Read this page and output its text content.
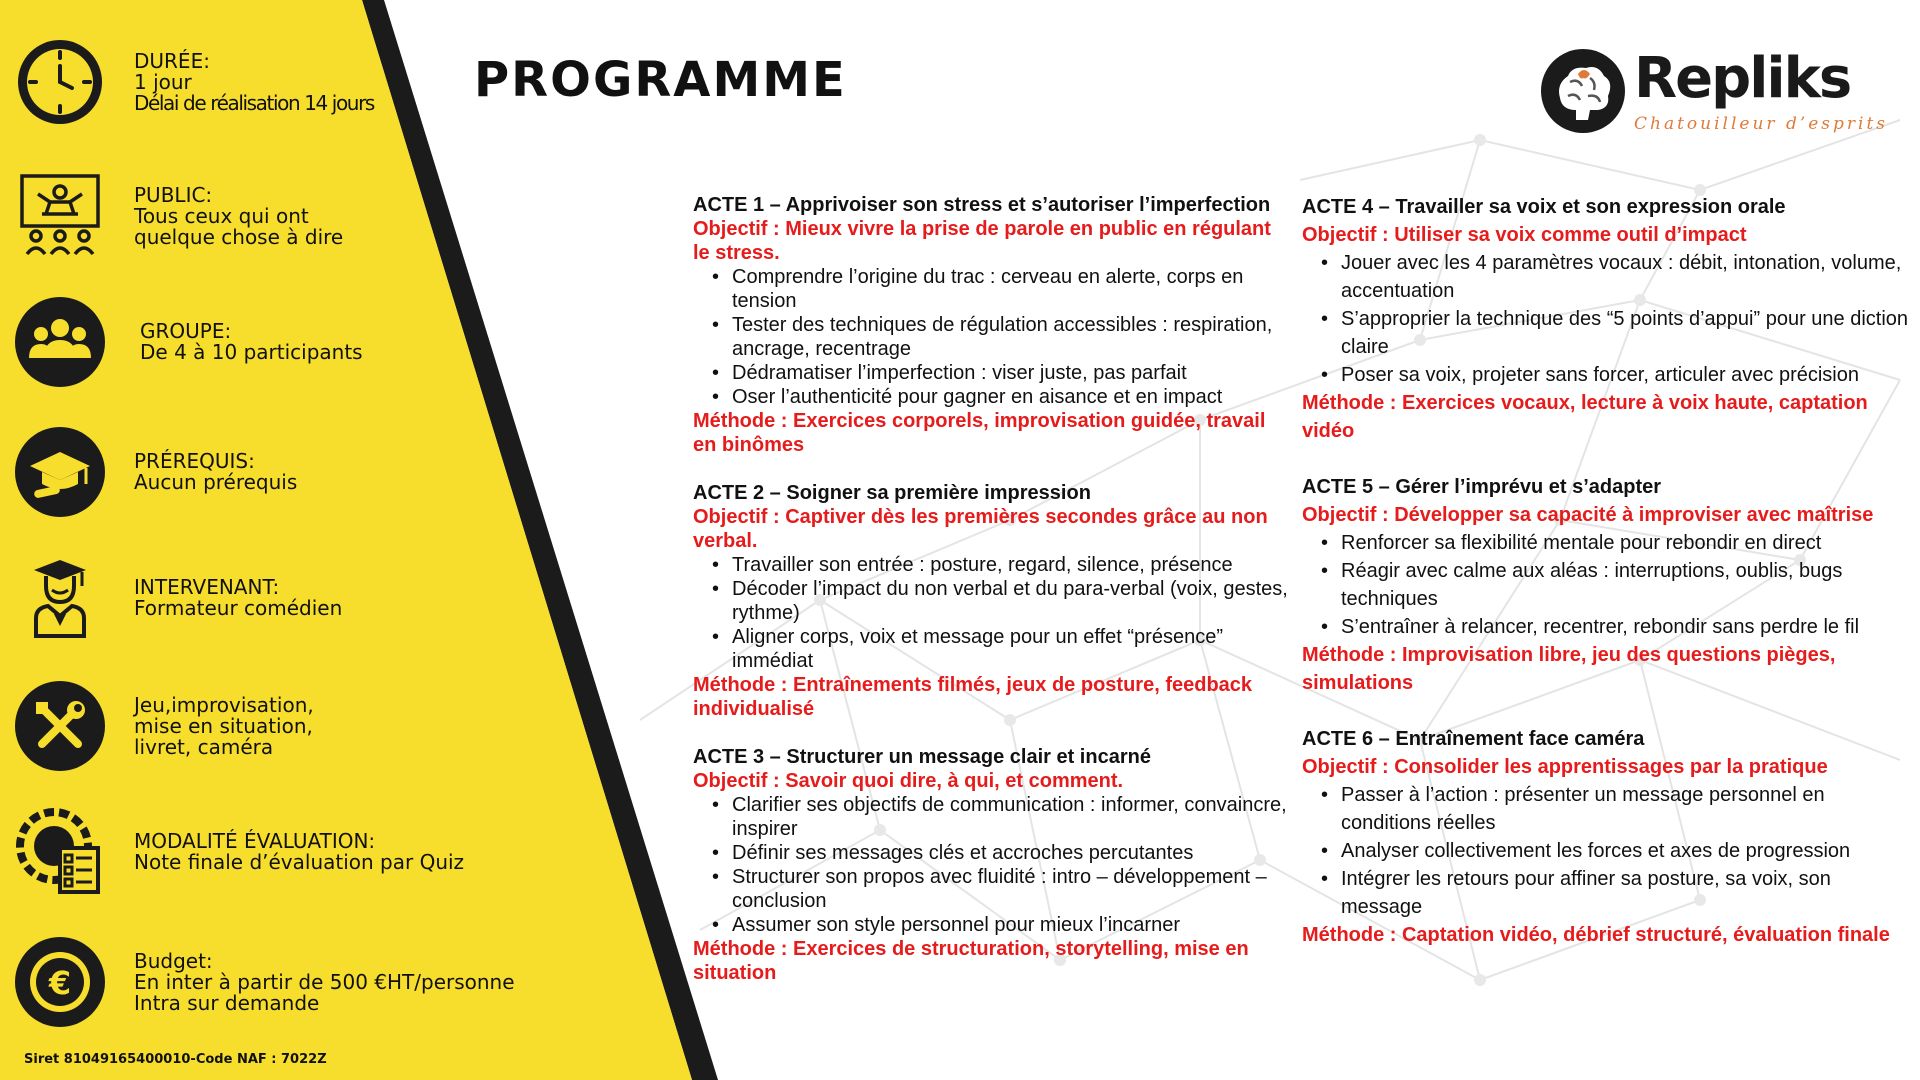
DURÉE:
1 jour
Délai de réalisation 14 jours
PUBLIC:
Tous ceux qui ont
quelque chose à dire
GROUPE:
De 4 à 10 participants
PRÉREQUIS:
Aucun prérequis
INTERVENANT:
Formateur comédien
Jeu,improvisation,
mise en situation,
livret, caméra
MODALITÉ ÉVALUATION:
Note finale d’évaluation par Quiz
€
Budget:
En inter à partir de 500 €HT/personne
Intra sur demande
Siret 81049165400010-Code NAF : 7022Z
PROGRAMME	Repliks
Chatouilleur d’esprits
ACTE 1 – Apprivoiser son stress et s’autoriser l’imperfection
Objectif : Mieux vivre la prise de parole en public en régulant le stress.
• Comprendre l’origine du trac : cerveau en alerte, corps en tension
• Tester des techniques de régulation accessibles : respiration, ancrage, recentrage
• Dédramatiser l’imperfection : viser juste, pas parfait
• Oser l’authenticité pour gagner en aisance et en impact
Méthode : Exercices corporels, improvisation guidée, travail en binômes
ACTE 2 – Soigner sa première impression
Objectif : Captiver dès les premières secondes grâce au non verbal.
• Travailler son entrée : posture, regard, silence, présence
• Décoder l’impact du non verbal et du para-verbal (voix, gestes, rythme)
• Aligner corps, voix et message pour un effet “présence” immédiat
Méthode : Entraînements filmés, jeux de posture, feedback individualisé
ACTE 3 – Structurer un message clair et incarné
Objectif : Savoir quoi dire, à qui, et comment.
• Clarifier ses objectifs de communication : informer, convaincre, inspirer
• Définir ses messages clés et accroches percutantes
• Structurer son propos avec fluidité : intro – développement – conclusion
• Assumer son style personnel pour mieux l’incarner
Méthode : Exercices de structuration, storytelling, mise en situation
ACTE 4 – Travailler sa voix et son expression orale
Objectif : Utiliser sa voix comme outil d’impact
• Jouer avec les 4 paramètres vocaux : débit, intonation, volume, accentuation
• S’approprier la technique des “5 points d’appui” pour une diction claire
• Poser sa voix, projeter sans forcer, articuler avec précision
Méthode : Exercices vocaux, lecture à voix haute, captation vidéo
ACTE 5 – Gérer l’imprévu et s’adapter
Objectif : Développer sa capacité à improviser avec maîtrise
• Renforcer sa flexibilité mentale pour rebondir en direct
• Réagir avec calme aux aléas : interruptions, oublis, bugs techniques
• S’entraîner à relancer, recentrer, rebondir sans perdre le fil
Méthode : Improvisation libre, jeu des questions pièges, simulations
ACTE 6 – Entraînement face caméra
Objectif : Consolider les apprentissages par la pratique
• Passer à l’action : présenter un message personnel en conditions réelles
• Analyser collectivement les forces et axes de progression
• Intégrer les retours pour affiner sa posture, sa voix, son message
Méthode : Captation vidéo, débrief structuré, évaluation finale
